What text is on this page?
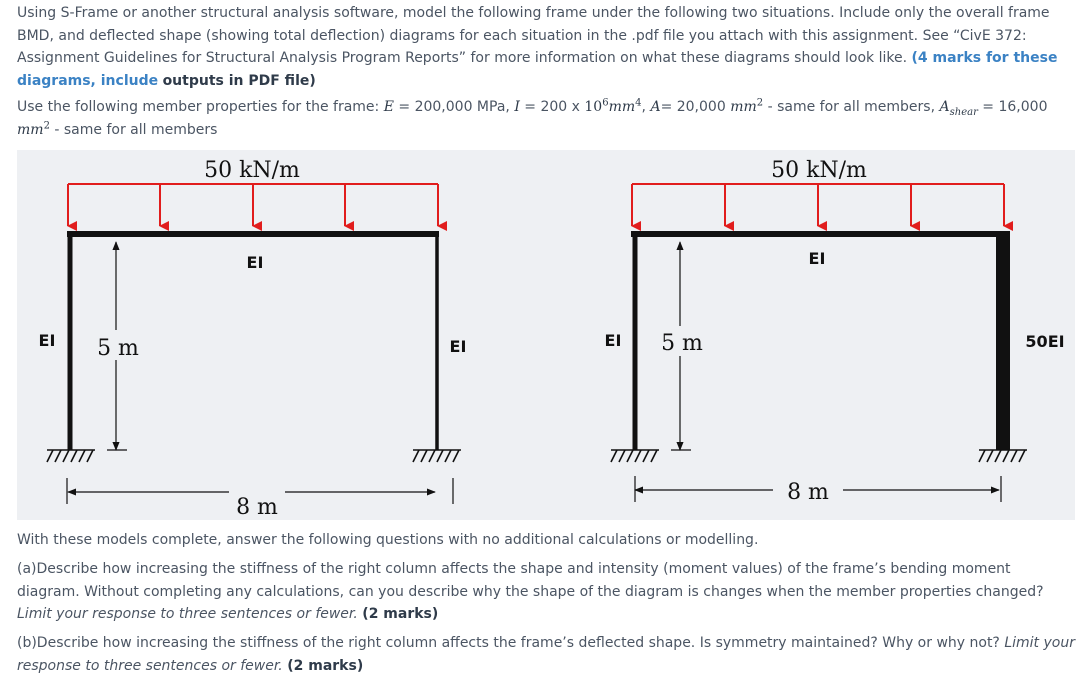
Using S-Frame or another structural analysis software, model the following frame under the following two situations. Include only the overall frame BMD, and deflected shape (showing total deflection) diagrams for each situation in the .pdf file you attach with this assignment. See “CivE 372: Assignment Guidelines for Structural Analysis Program Reports” for more information on what these diagrams should look like. (4 marks for these diagrams, include outputs in PDF file)

Use the following member properties for the frame: E = 200,000 MPa, I = 200 x $10^6mm^4$, A= 20,000 $mm^2$ - same for all members, $A_{shear} = 16,000$ $mm^2$ - same for all members

50 kN/m
5 m
8 m
EI
EI	EI
50 kN/m
5 m
8 m
EI
EI	50EI

With these models complete, answer the following questions with no additional calculations or modelling.

(a)Describe how increasing the stiffness of the right column affects the shape and intensity (moment values) of the frame’s bending moment diagram. Without completing any calculations, can you describe why the shape of the diagram is changes when the member properties changed? Limit your response to three sentences or fewer. (2 marks)

(b)Describe how increasing the stiffness of the right column affects the frame’s deflected shape. Is symmetry maintained? Why or why not? Limit your response to three sentences or fewer. (2 marks)
